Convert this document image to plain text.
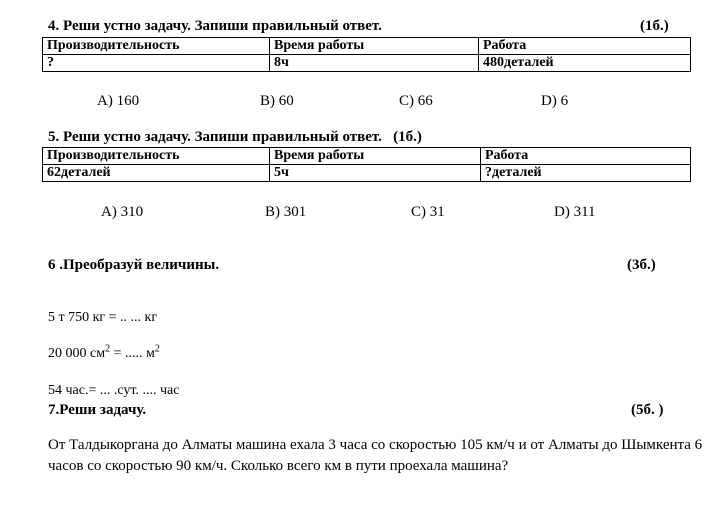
4. Реши устно задачу. Запиши правильный ответ.	(1б.)
Производительность	Время работы	Работа
?	8ч	480деталей
A) 160	B) 60	C) 66	D) 6
5. Реши устно задачу. Запиши правильный ответ. (1б.)
Производительность	Время работы	Работа
62деталей	5ч	?деталей
A) 310	B) 301	C) 31	D) 311
6 .Преобразуй величины.	(3б.)
5 т 750 кг = .. ... кг
20 000 $см^2$ = ..... $м^2$
54 час.= ... .сут. .... час
7.Реши задачу.	(5б. )
От Талдыкоргана до Алматы машина ехала 3 часа со скоростью 105 км/ч и от Алматы до Шымкента 6 часов со скоростью 90 км/ч. Сколько всего км в пути проехала машина?
